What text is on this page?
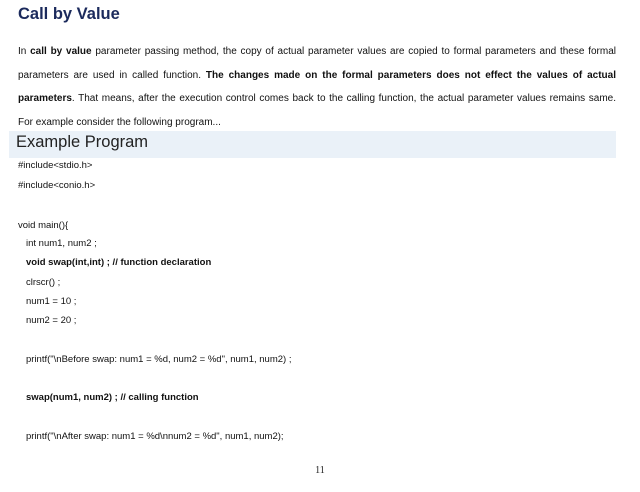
Call by Value

In call by value parameter passing method, the copy of actual parameter values are copied to formal parameters and these formal parameters are used in called function. The changes made on the formal parameters does not effect the values of actual parameters. That means, after the execution control comes back to the calling function, the actual parameter values remains same. For example consider the following program...

Example Program
#include<stdio.h>
#include<conio.h>
void main(){
int num1, num2 ;
void swap(int,int) ; // function declaration
clrscr() ;
num1 = 10 ;
num2 = 20 ;
printf("\nBefore swap: num1 = %d, num2 = %d", num1, num2) ;
swap(num1, num2) ; // calling function
printf("\nAfter swap: num1 = %d\nnum2 = %d", num1, num2);
11
